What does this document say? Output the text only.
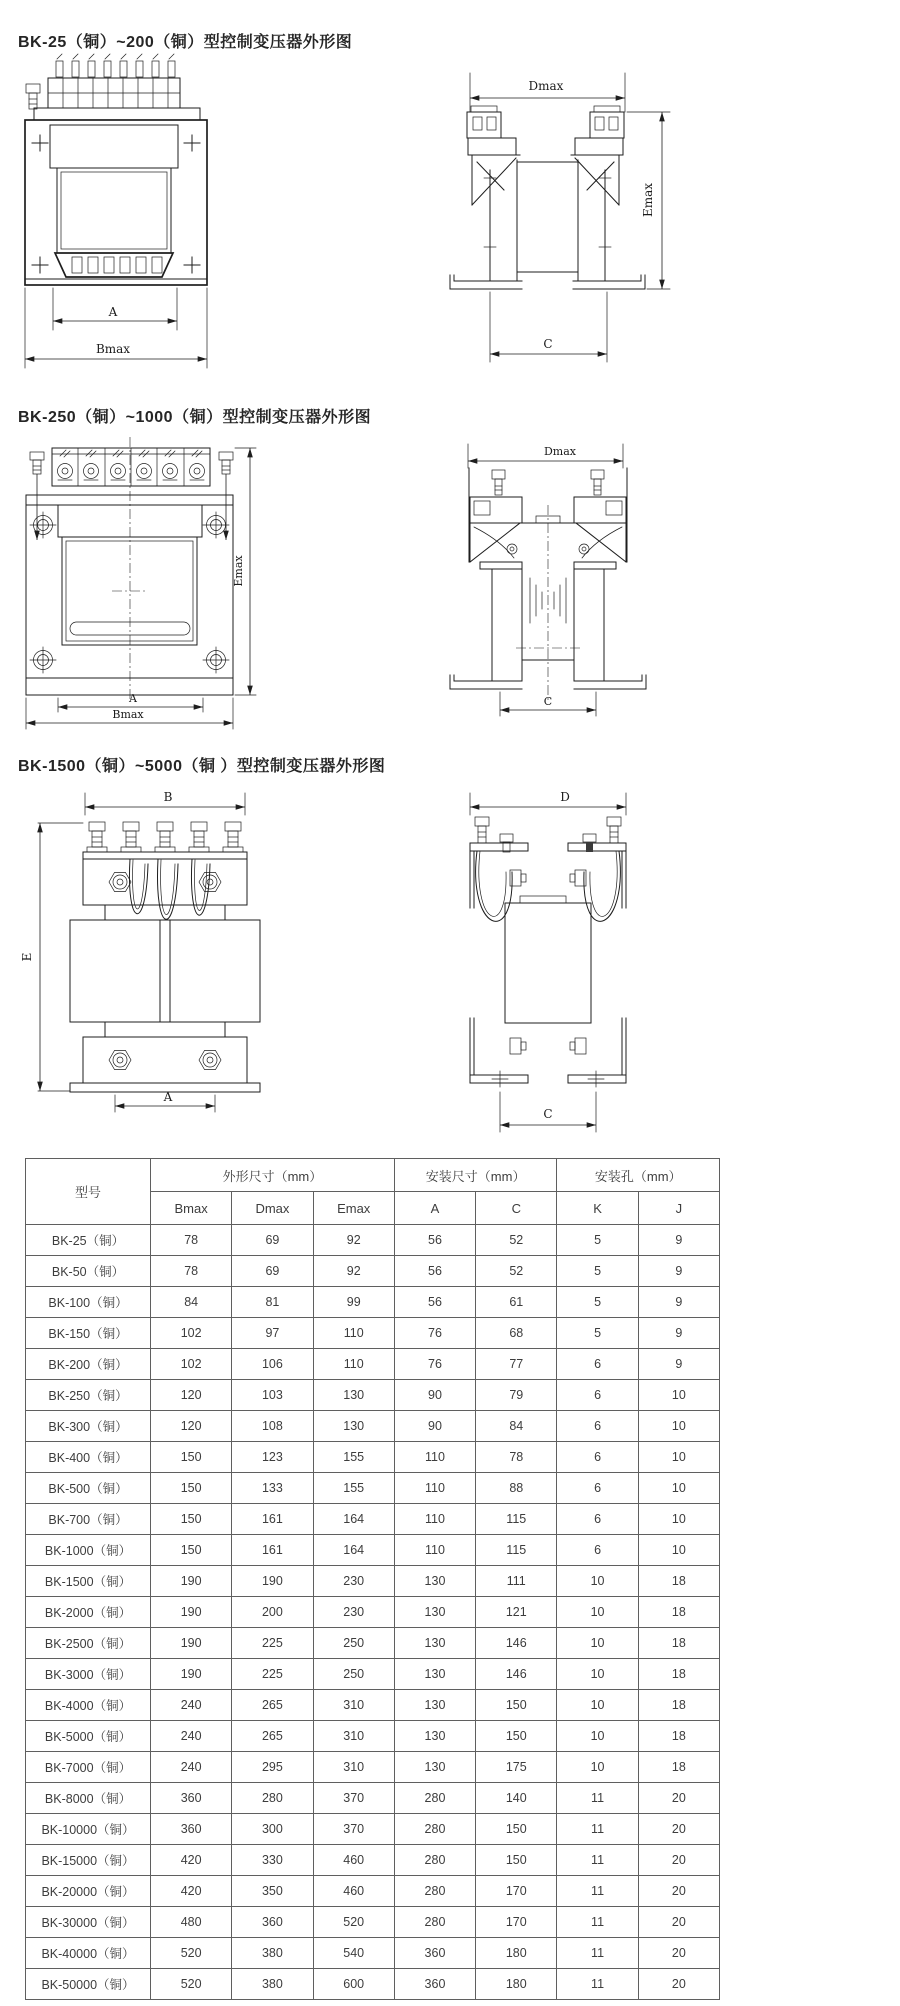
BK-25（铜）~200（铜）型控制变压器外形图
A
Bmax
Dmax
Emax
C
BK-250（铜）~1000（铜）型控制变压器外形图
A
Bmax
Emax
Dmax
C
BK-1500（铜）~5000（铜 ）型控制变压器外形图
B
E
A
D
C
型号	外形尺寸（mm）			安装尺寸（mm）		安装孔（mm）	
	Bmax	Dmax	Emax	A	C	K	J
BK-25（铜）	78	69	92	56	52	5	9
BK-50（铜）	78	69	92	56	52	5	9
BK-100（铜）	84	81	99	56	61	5	9
BK-150（铜）	102	97	110	76	68	5	9
BK-200（铜）	102	106	110	76	77	6	9
BK-250（铜）	120	103	130	90	79	6	10
BK-300（铜）	120	108	130	90	84	6	10
BK-400（铜）	150	123	155	110	78	6	10
BK-500（铜）	150	133	155	110	88	6	10
BK-700（铜）	150	161	164	110	115	6	10
BK-1000（铜）	150	161	164	110	115	6	10
BK-1500（铜）	190	190	230	130	111	10	18
BK-2000（铜）	190	200	230	130	121	10	18
BK-2500（铜）	190	225	250	130	146	10	18
BK-3000（铜）	190	225	250	130	146	10	18
BK-4000（铜）	240	265	310	130	150	10	18
BK-5000（铜）	240	265	310	130	150	10	18
BK-7000（铜）	240	295	310	130	175	10	18
BK-8000（铜）	360	280	370	280	140	11	20
BK-10000（铜）	360	300	370	280	150	11	20
BK-15000（铜）	420	330	460	280	150	11	20
BK-20000（铜）	420	350	460	280	170	11	20
BK-30000（铜）	480	360	520	280	170	11	20
BK-40000（铜）	520	380	540	360	180	11	20
BK-50000（铜）	520	380	600	360	180	11	20
